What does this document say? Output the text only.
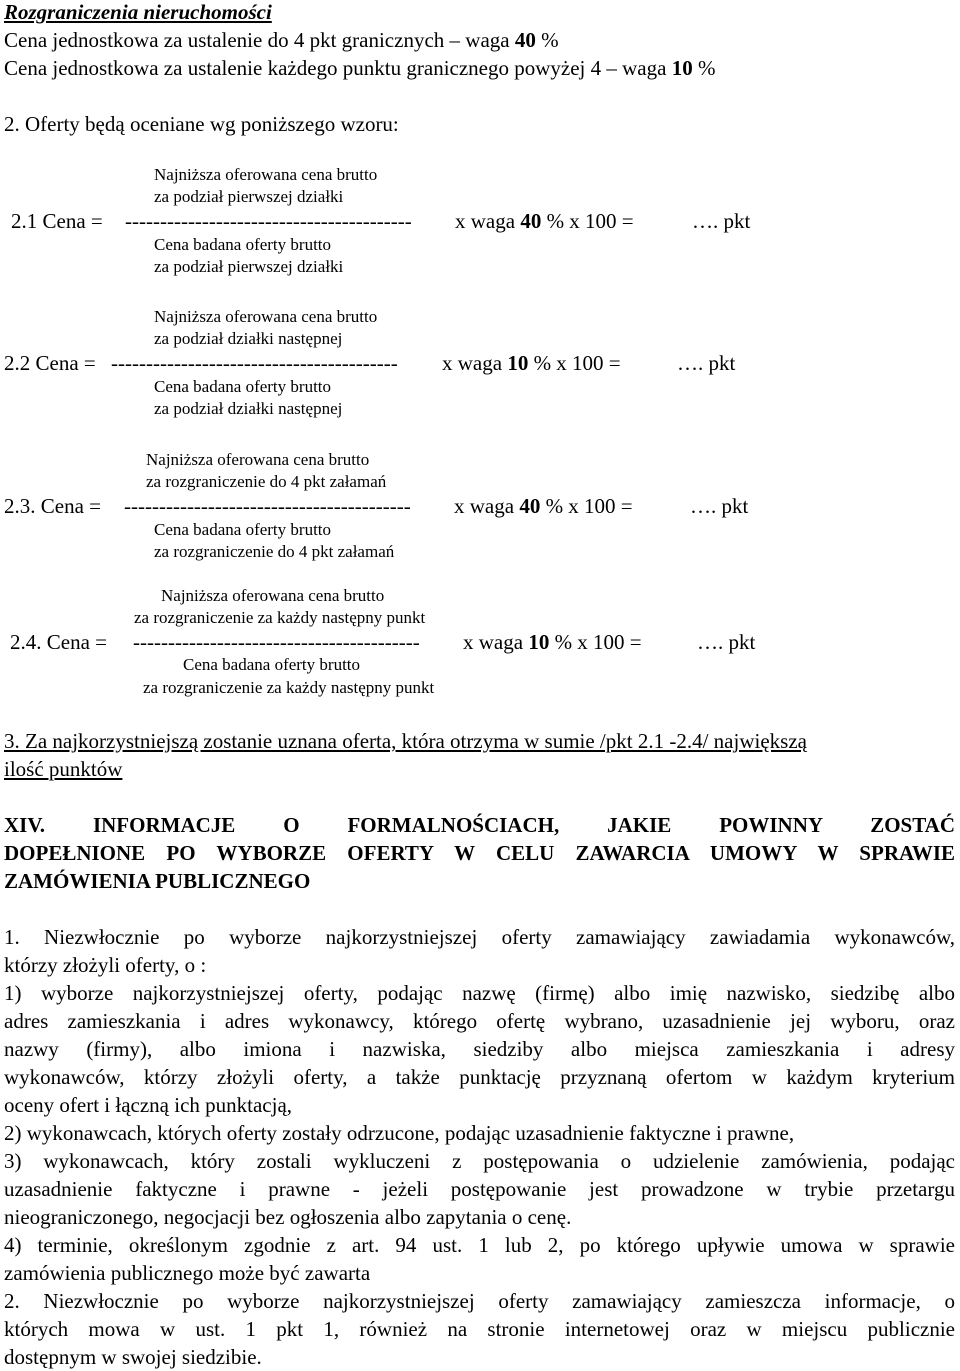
Rozgraniczenia nieruchomości
Cena jednostkowa za ustalenie do 4 pkt granicznych – waga 40 %
Cena jednostkowa za ustalenie każdego punktu granicznego powyżej 4 – waga 10 %
2. Oferty będą oceniane wg poniższego wzoru:
Najniższa oferowana cena brutto
za podział pierwszej działki
2.1 Cena = ----------------------------------------- x waga 40 % x 100 =	…. pkt
Cena badana oferty brutto
za podział pierwszej działki
Najniższa oferowana cena brutto
za podział działki następnej
2.2 Cena = ----------------------------------------- x waga 10 % x 100 =	…. pkt
Cena badana oferty brutto
za podział działki następnej
Najniższa oferowana cena brutto
za rozgraniczenie do 4 pkt załamań
2.3. Cena = ----------------------------------------- x waga 40 % x 100 =	…. pkt
Cena badana oferty brutto
za rozgraniczenie do 4 pkt załamań
Najniższa oferowana cena brutto
za rozgraniczenie za każdy następny punkt
2.4. Cena = ----------------------------------------- x waga 10 % x 100 =	…. pkt
Cena badana oferty brutto
za rozgraniczenie za każdy następny punkt
3. Za najkorzystniejszą zostanie uznana oferta, która otrzyma w sumie /pkt 2.1 -2.4/ największą
ilość punktów
XIV. INFORMACJE O FORMALNOŚCIACH, JAKIE POWINNY ZOSTAĆ
DOPEŁNIONE PO WYBORZE OFERTY W CELU ZAWARCIA UMOWY W SPRAWIE
ZAMÓWIENIA PUBLICZNEGO
1. Niezwłocznie po wyborze najkorzystniejszej oferty zamawiający zawiadamia wykonawców,
którzy złożyli oferty, o :
1) wyborze najkorzystniejszej oferty, podając nazwę (firmę) albo imię nazwisko, siedzibę albo
adres zamieszkania i adres wykonawcy, którego ofertę wybrano, uzasadnienie jej wyboru, oraz
nazwy (firmy), albo imiona i nazwiska, siedziby albo miejsca zamieszkania i adresy
wykonawców, którzy złożyli oferty, a także punktację przyznaną ofertom w każdym kryterium
oceny ofert i łączną ich punktacją,
2) wykonawcach, których oferty zostały odrzucone, podając uzasadnienie faktyczne i prawne,
3) wykonawcach, który zostali wykluczeni z postępowania o udzielenie zamówienia, podając
uzasadnienie faktyczne i prawne - jeżeli postępowanie jest prowadzone w trybie przetargu
nieograniczonego, negocjacji bez ogłoszenia albo zapytania o cenę.
4) terminie, określonym zgodnie z art. 94 ust. 1 lub 2, po którego upływie umowa w sprawie
zamówienia publicznego może być zawarta
2. Niezwłocznie po wyborze najkorzystniejszej oferty zamawiający zamieszcza informacje, o
których mowa w ust. 1 pkt 1, również na stronie internetowej oraz w miejscu publicznie
dostępnym w swojej siedzibie.
